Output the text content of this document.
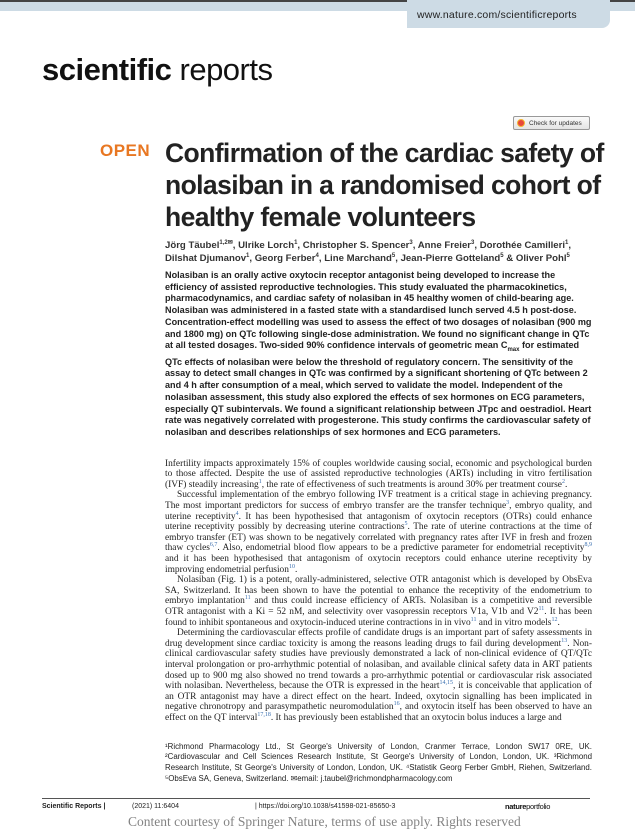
www.nature.com/scientificreports
scientific reports
Check for updates
OPEN Confirmation of the cardiac safety of nolasiban in a randomised cohort of healthy female volunteers
Jörg Täubel$^{1,2✉}$, Ulrike Lorch$^1$, Christopher S. Spencer$^3$, Anne Freier$^3$, Dorothée Camilleri$^1$, Dilshat Djumanov$^1$, Georg Ferber$^4$, Line Marchand$^5$, Jean-Pierre Gotteland$^5$ & Oliver Pohl$^5$
Nolasiban is an orally active oxytocin receptor antagonist being developed to increase the efficiency of assisted reproductive technologies. This study evaluated the pharmacokinetics, pharmacodynamics, and cardiac safety of nolasiban in 45 healthy women of child-bearing age. Nolasiban was administered in a fasted state with a standardised lunch served 4.5 h post-dose. Concentration-effect modelling was used to assess the effect of two dosages of nolasiban (900 mg and 1800 mg) on QTc following single-dose administration. We found no significant change in QTc at all tested dosages. Two-sided 90% confidence intervals of geometric mean $C_{max}$ for estimated QTc effects of nolasiban were below the threshold of regulatory concern. The sensitivity of the assay to detect small changes in QTc was confirmed by a significant shortening of QTc between 2 and 4 h after consumption of a meal, which served to validate the model. Independent of the nolasiban assessment, this study also explored the effects of sex hormones on ECG parameters, especially QT subintervals. We found a significant relationship between JTpc and oestradiol. Heart rate was negatively correlated with progesterone. This study confirms the cardiovascular safety of nolasiban and describes relationships of sex hormones and ECG parameters.

Infertility impacts approximately 15% of couples worldwide causing social, economic and psychological burden to those affected. Despite the use of assisted reproductive technologies (ARTs) including in vitro fertilisation (IVF) steadily increasing$^1$, the rate of effectiveness of such treatments is around 30% per treatment course$^2$.

Successful implementation of the embryo following IVF treatment is a critical stage in achieving pregnancy. The most important predictors for success of embryo transfer are the transfer technique$^3$, embryo quality, and uterine receptivity$^4$. It has been hypothesised that antagonism of oxytocin receptors (OTRs) could enhance uterine receptivity possibly by decreasing uterine contractions$^5$. The rate of uterine contractions at the time of embryo transfer (ET) was shown to be negatively correlated with pregnancy rates after IVF in fresh and frozen thaw cycles$^{6,7}$. Also, endometrial blood flow appears to be a predictive parameter for endometrial receptivity$^{8,9}$ and it has been hypothesised that antagonism of oxytocin receptors could enhance uterine receptivity by improving endometrial perfusion$^{10}$.

Nolasiban (Fig. 1) is a potent, orally-administered, selective OTR antagonist which is developed by ObsEva SA, Switzerland. It has been shown to have the potential to enhance the receptivity of the endometrium to embryo implantation$^{11}$ and thus could increase efficiency of ARTs. Nolasiban is a competitive and reversible OTR antagonist with a Ki = 52 nM, and selectivity over vasopressin receptors V1a, V1b and $V2^{11}$. It has been found to inhibit spontaneous and oxytocin-induced uterine contractions in in vivo$^{11}$ and in vitro models$^{12}$.

Determining the cardiovascular effects profile of candidate drugs is an important part of safety assessments in drug development since cardiac toxicity is among the reasons leading drugs to fail during development$^{13}$. Non-clinical cardiovascular safety studies have previously demonstrated a lack of non-clinical evidence of QT/QTc interval prolongation or pro-arrhythmic potential of nolasiban, and available clinical safety data in ART patients dosed up to 900 mg also showed no trend towards a pro-arrhythmic potential or cardiovascular risk associated with nolasiban. Nevertheless, because the OTR is expressed in the heart$^{14,15}$, it is conceivable that application of an OTR antagonist may have a direct effect on the heart. Indeed, oxytocin signalling has been implicated in negative chronotropy and parasympathetic neuromodulation$^{16}$, and oxytocin itself has been observed to have an effect on the QT interval$^{17,18}$. It has previously been established that an oxytocin bolus induces a large and

¹Richmond Pharmacology Ltd., St George's University of London, Cranmer Terrace, London SW17 0RE, UK. ²Cardiovascular and Cell Sciences Research Institute, St George's University of London, London, UK. ³Richmond Research Institute, St George's University of London, London, UK. ⁴Statistik Georg Ferber GmbH, Riehen, Switzerland. ⁵ObsEva SA, Geneva, Switzerland. ✉email: j.taubel@richmondpharmacology.com
Scientific Reports |	(2021) 11:6404	| https://doi.org/10.1038/s41598-021-85650-3	natureportfolio
Content courtesy of Springer Nature, terms of use apply. Rights reserved
